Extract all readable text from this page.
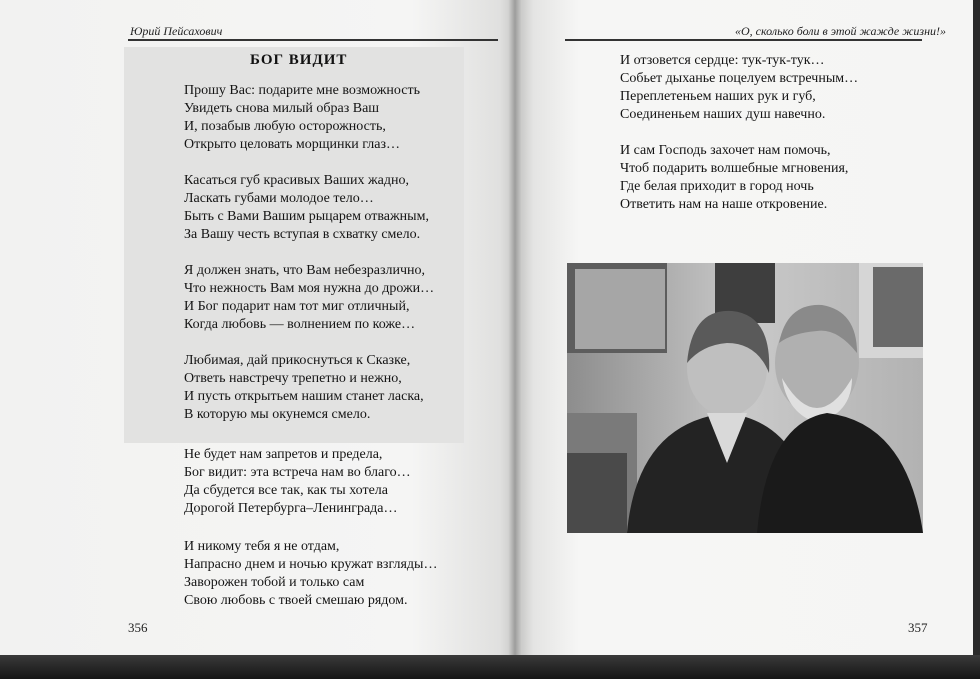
Юрий Пейсахович	«О, сколько боли в этой жажде жизни!»
БОГ ВИДИТ
Прошу Вас: подарите мне возможность
Увидеть снова милый образ Ваш
И, позабыв любую осторожность,
Открыто целовать морщинки глаз…
Касаться губ красивых Ваших жадно,
Ласкать губами молодое тело…
Быть с Вами Вашим рыцарем отважным,
За Вашу честь вступая в схватку смело.
Я должен знать, что Вам небезразлично,
Что нежность Вам моя нужна до дрожи…
И Бог подарит нам тот миг отличный,
Когда любовь — волнением по коже…
Любимая, дай прикоснуться к Сказке,
Ответь навстречу трепетно и нежно,
И пусть открытьем нашим станет ласка,
В которую мы окунемся смело.
Не будет нам запретов и предела,
Бог видит: эта встреча нам во благо…
Да сбудется все так, как ты хотела
Дорогой Петербурга–Ленинграда…
И никому тебя я не отдам,
Напрасно днем и ночью кружат взгляды…
Заворожен тобой и только сам
Свою любовь с твоей смешаю рядом.
356
И отзовется сердце: тук-тук-тук…
Собьет дыханье поцелуем встречным…
Переплетеньем наших рук и губ,
Соединеньем наших душ навечно.
И сам Господь захочет нам помочь,
Чтоб подарить волшебные мгновения,
Где белая приходит в город ночь
Ответить нам на наше откровение.
357
